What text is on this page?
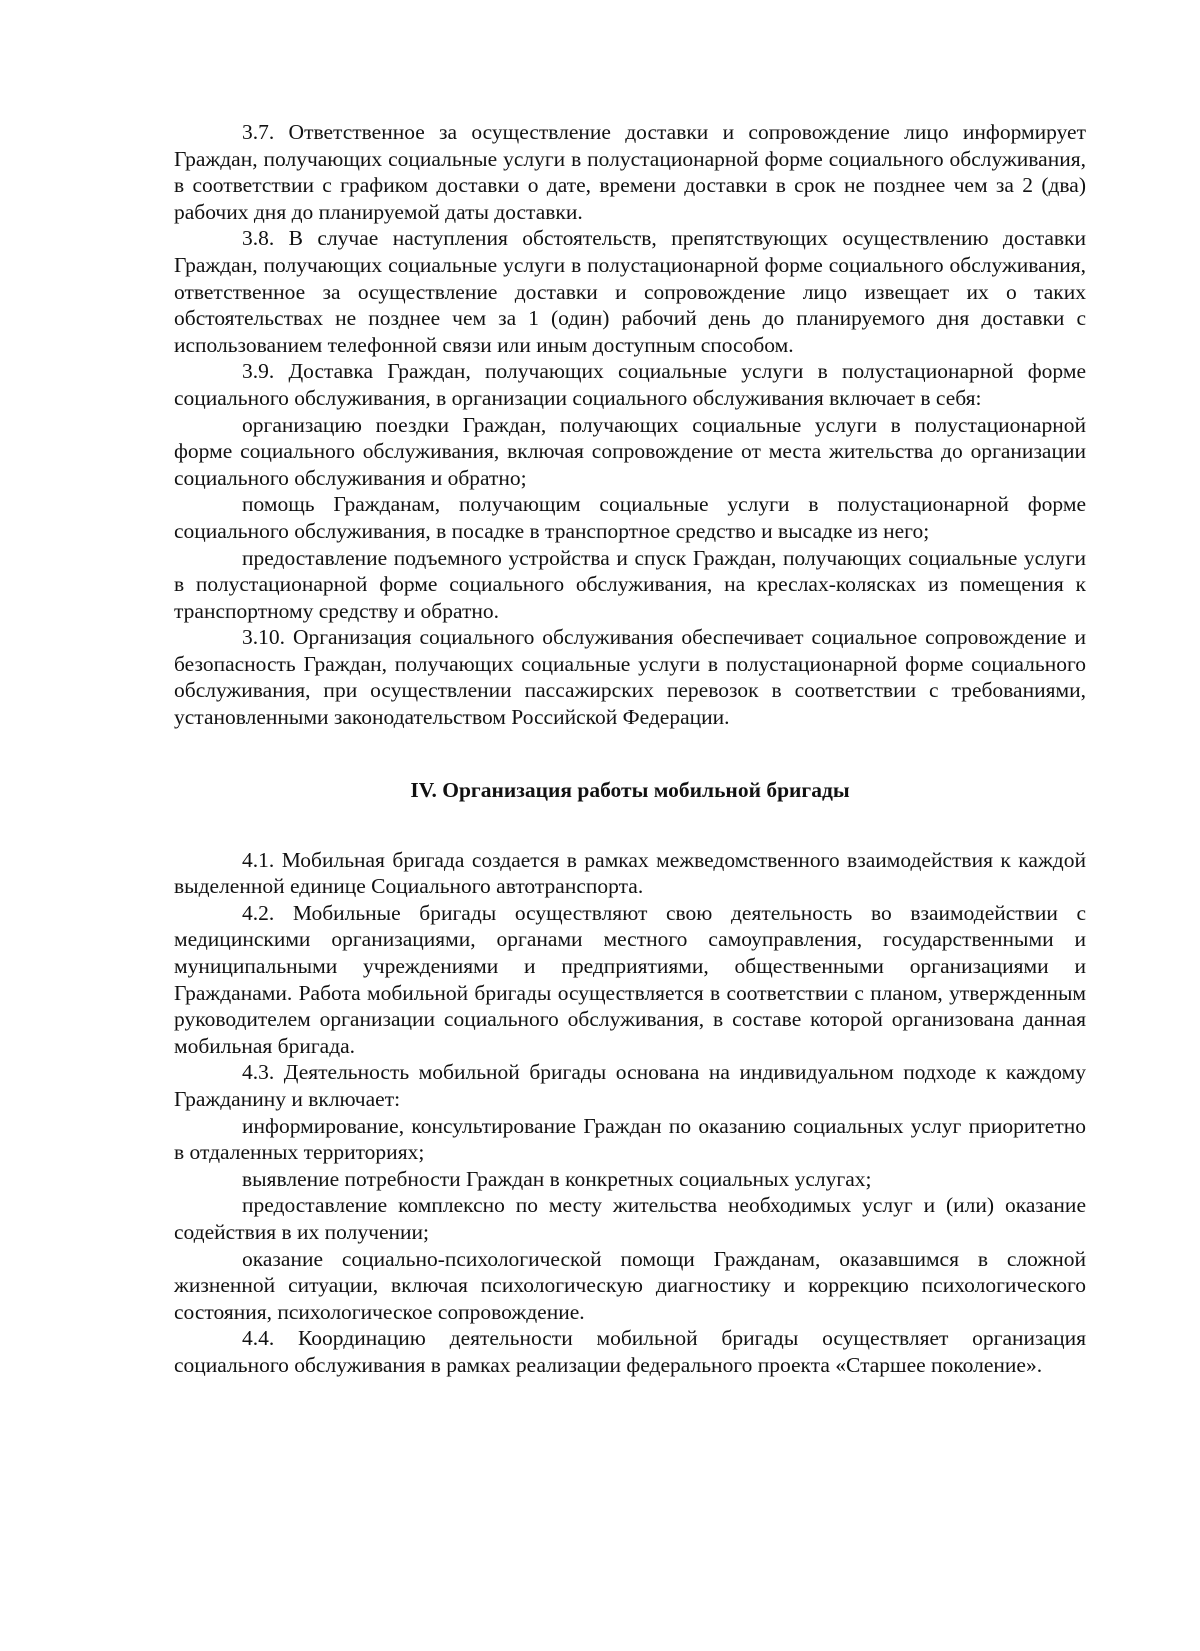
3.7. Ответственное за осуществление доставки и сопровождение лицо информирует Граждан, получающих социальные услуги в полустационарной форме социального обслуживания, в соответствии с графиком доставки о дате, времени доставки в срок не позднее чем за 2 (два) рабочих дня до планируемой даты доставки.

3.8. В случае наступления обстоятельств, препятствующих осуществлению доставки Граждан, получающих социальные услуги в полустационарной форме социального обслуживания, ответственное за осуществление доставки и сопровождение лицо извещает их о таких обстоятельствах не позднее чем за 1 (один) рабочий день до планируемого дня доставки с использованием телефонной связи или иным доступным способом.

3.9. Доставка Граждан, получающих социальные услуги в полустационарной форме социального обслуживания, в организации социального обслуживания включает в себя:

организацию поездки Граждан, получающих социальные услуги в полустационарной форме социального обслуживания, включая сопровождение от места жительства до организации социального обслуживания и обратно;

помощь Гражданам, получающим социальные услуги в полустационарной форме социального обслуживания, в посадке в транспортное средство и высадке из него;

предоставление подъемного устройства и спуск Граждан, получающих социальные услуги в полустационарной форме социального обслуживания, на креслах-колясках из помещения к транспортному средству и обратно.

3.10. Организация социального обслуживания обеспечивает социальное сопровождение и безопасность Граждан, получающих социальные услуги в полустационарной форме социального обслуживания, при осуществлении пассажирских перевозок в соответствии с требованиями, установленными законодательством Российской Федерации.

IV. Организация работы мобильной бригады

4.1. Мобильная бригада создается в рамках межведомственного взаимодействия к каждой выделенной единице Социального автотранспорта.

4.2. Мобильные бригады осуществляют свою деятельность во взаимодействии с медицинскими организациями, органами местного самоуправления, государственными и муниципальными учреждениями и предприятиями, общественными организациями и Гражданами. Работа мобильной бригады осуществляется в соответствии с планом, утвержденным руководителем организации социального обслуживания, в составе которой организована данная мобильная бригада.

4.3. Деятельность мобильной бригады основана на индивидуальном подходе к каждому Гражданину и включает:

информирование, консультирование Граждан по оказанию социальных услуг приоритетно в отдаленных территориях;

выявление потребности Граждан в конкретных социальных услугах;

предоставление комплексно по месту жительства необходимых услуг и (или) оказание содействия в их получении;

оказание социально-психологической помощи Гражданам, оказавшимся в сложной жизненной ситуации, включая психологическую диагностику и коррекцию психологического состояния, психологическое сопровождение.

4.4. Координацию деятельности мобильной бригады осуществляет организация социального обслуживания в рамках реализации федерального проекта «Старшее поколение».
